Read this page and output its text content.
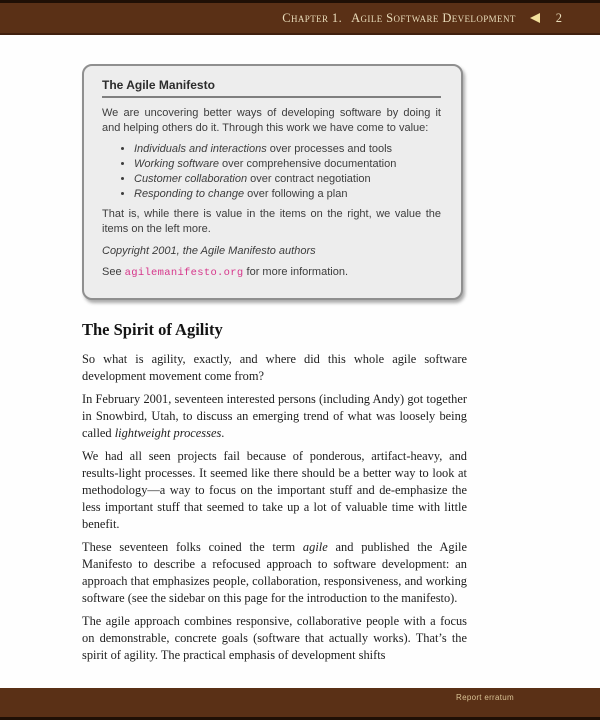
Chapter 1. Agile Software Development	2
The Agile Manifesto

We are uncovering better ways of developing software by doing it and helping others do it. Through this work we have come to value:

• Individuals and interactions over processes and tools
• Working software over comprehensive documentation
• Customer collaboration over contract negotiation
• Responding to change over following a plan

That is, while there is value in the items on the right, we value the items on the left more.

Copyright 2001, the Agile Manifesto authors

See agilemanifesto.org for more information.

The Spirit of Agility

So what is agility, exactly, and where did this whole agile software development movement come from?

In February 2001, seventeen interested persons (including Andy) got together in Snowbird, Utah, to discuss an emerging trend of what was loosely being called lightweight processes.

We had all seen projects fail because of ponderous, artifact-heavy, and results-light processes. It seemed like there should be a better way to look at methodology—a way to focus on the important stuff and de-emphasize the less important stuff that seemed to take up a lot of valuable time with little benefit.

These seventeen folks coined the term agile and published the Agile Manifesto to describe a refocused approach to software development: an approach that emphasizes people, collaboration, responsiveness, and working software (see the sidebar on this page for the introduction to the manifesto).

The agile approach combines responsive, collaborative people with a focus on demonstrable, concrete goals (software that actually works). That’s the spirit of agility. The practical emphasis of development shifts

Report erratum
